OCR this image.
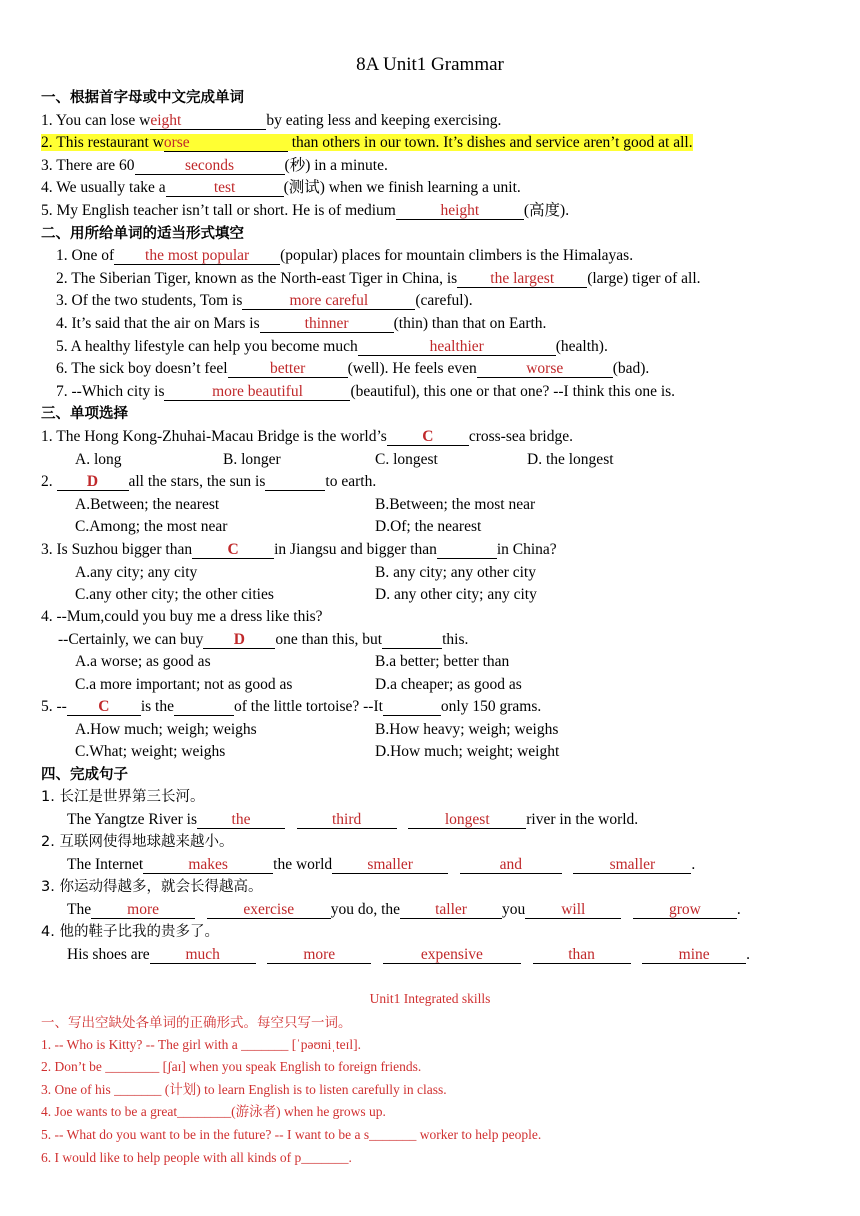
8A Unit1 Grammar
一、根据首字母或中文完成单词
1. You can lose weight	by eating less and keeping exercising.
2. This restaurant worse	than others in our town. It’s dishes and service aren’t good at all.
3. There are 60	seconds	(秒) in a minute.
4. We usually take a	test	(测试) when we finish learning a unit.
5. My English teacher isn’t tall or short. He is of medium	height	(高度).
二、用所给单词的适当形式填空
1. One of the most popular (popular) places for mountain climbers is the Himalayas.
2. The Siberian Tiger, known as the North-east Tiger in China, is the largest (large) tiger of all.
3. Of the two students, Tom is	more careful	(careful).
4. It’s said that the air on Mars is	thinner	(thin) than that on Earth.
5. A healthy lifestyle can help you become much	healthier	(health).
6. The sick boy doesn’t feel	better	(well). He feels even	worse	(bad).
7. --Which city is	more beautiful	(beautiful), this one or that one? --I think this one is.
三、单项选择
1. The Hong Kong-Zhuhai-Macau Bridge is the world’s C cross-sea bridge.
A. long	B. longer	C. longest	D. the longest
2. D all the stars, the sun is	to earth.
A.Between; the nearest	B.Between; the most near
C.Among; the most near	D.Of; the nearest
3. Is Suzhou bigger than C in Jiangsu and bigger than	in China?
A.any city; any city	B. any city; any other city
C.any other city; the other cities	D. any other city; any city
4. --Mum,could you buy me a dress like this?
--Certainly, we can buy D one than this, but	this.
A.a worse; as good as	B.a better; better than
C.a more important; not as good as	D.a cheaper; as good as
5. -- C is the	of the little tortoise? --It	only 150 grams.
A.How much; weigh; weighs	B.How heavy; weigh; weighs
C.What; weight; weighs	D.How much; weight; weight
四、完成句子
1. 长江是世界第三长河。
The Yangtze River is the	third	longest river in the world.
2. 互联网使得地球越来越小。
The Internet	makes	the world smaller	and	smaller .
3. 你运动得越多，就会长得越高。
The more	exercise you do, the taller you will	grow .
4. 他的鞋子比我的贵多了。
His shoes are much	more	expensive	than	mine .
Unit1 Integrated skills
一、写出空缺处各单词的正确形式。每空只写一词。
1. -- Who is Kitty? -- The girl with a _______ [ˈpəʊniˌteɪl].
2. Don’t be ________ [ʃaɪ] when you speak English to foreign friends.
3. One of his _______ (计划) to learn English is to listen carefully in class.
4. Joe wants to be a great________(游泳者) when he grows up.
5. -- What do you want to be in the future? -- I want to be a s_______ worker to help people.
6. I would like to help people with all kinds of p_______.
